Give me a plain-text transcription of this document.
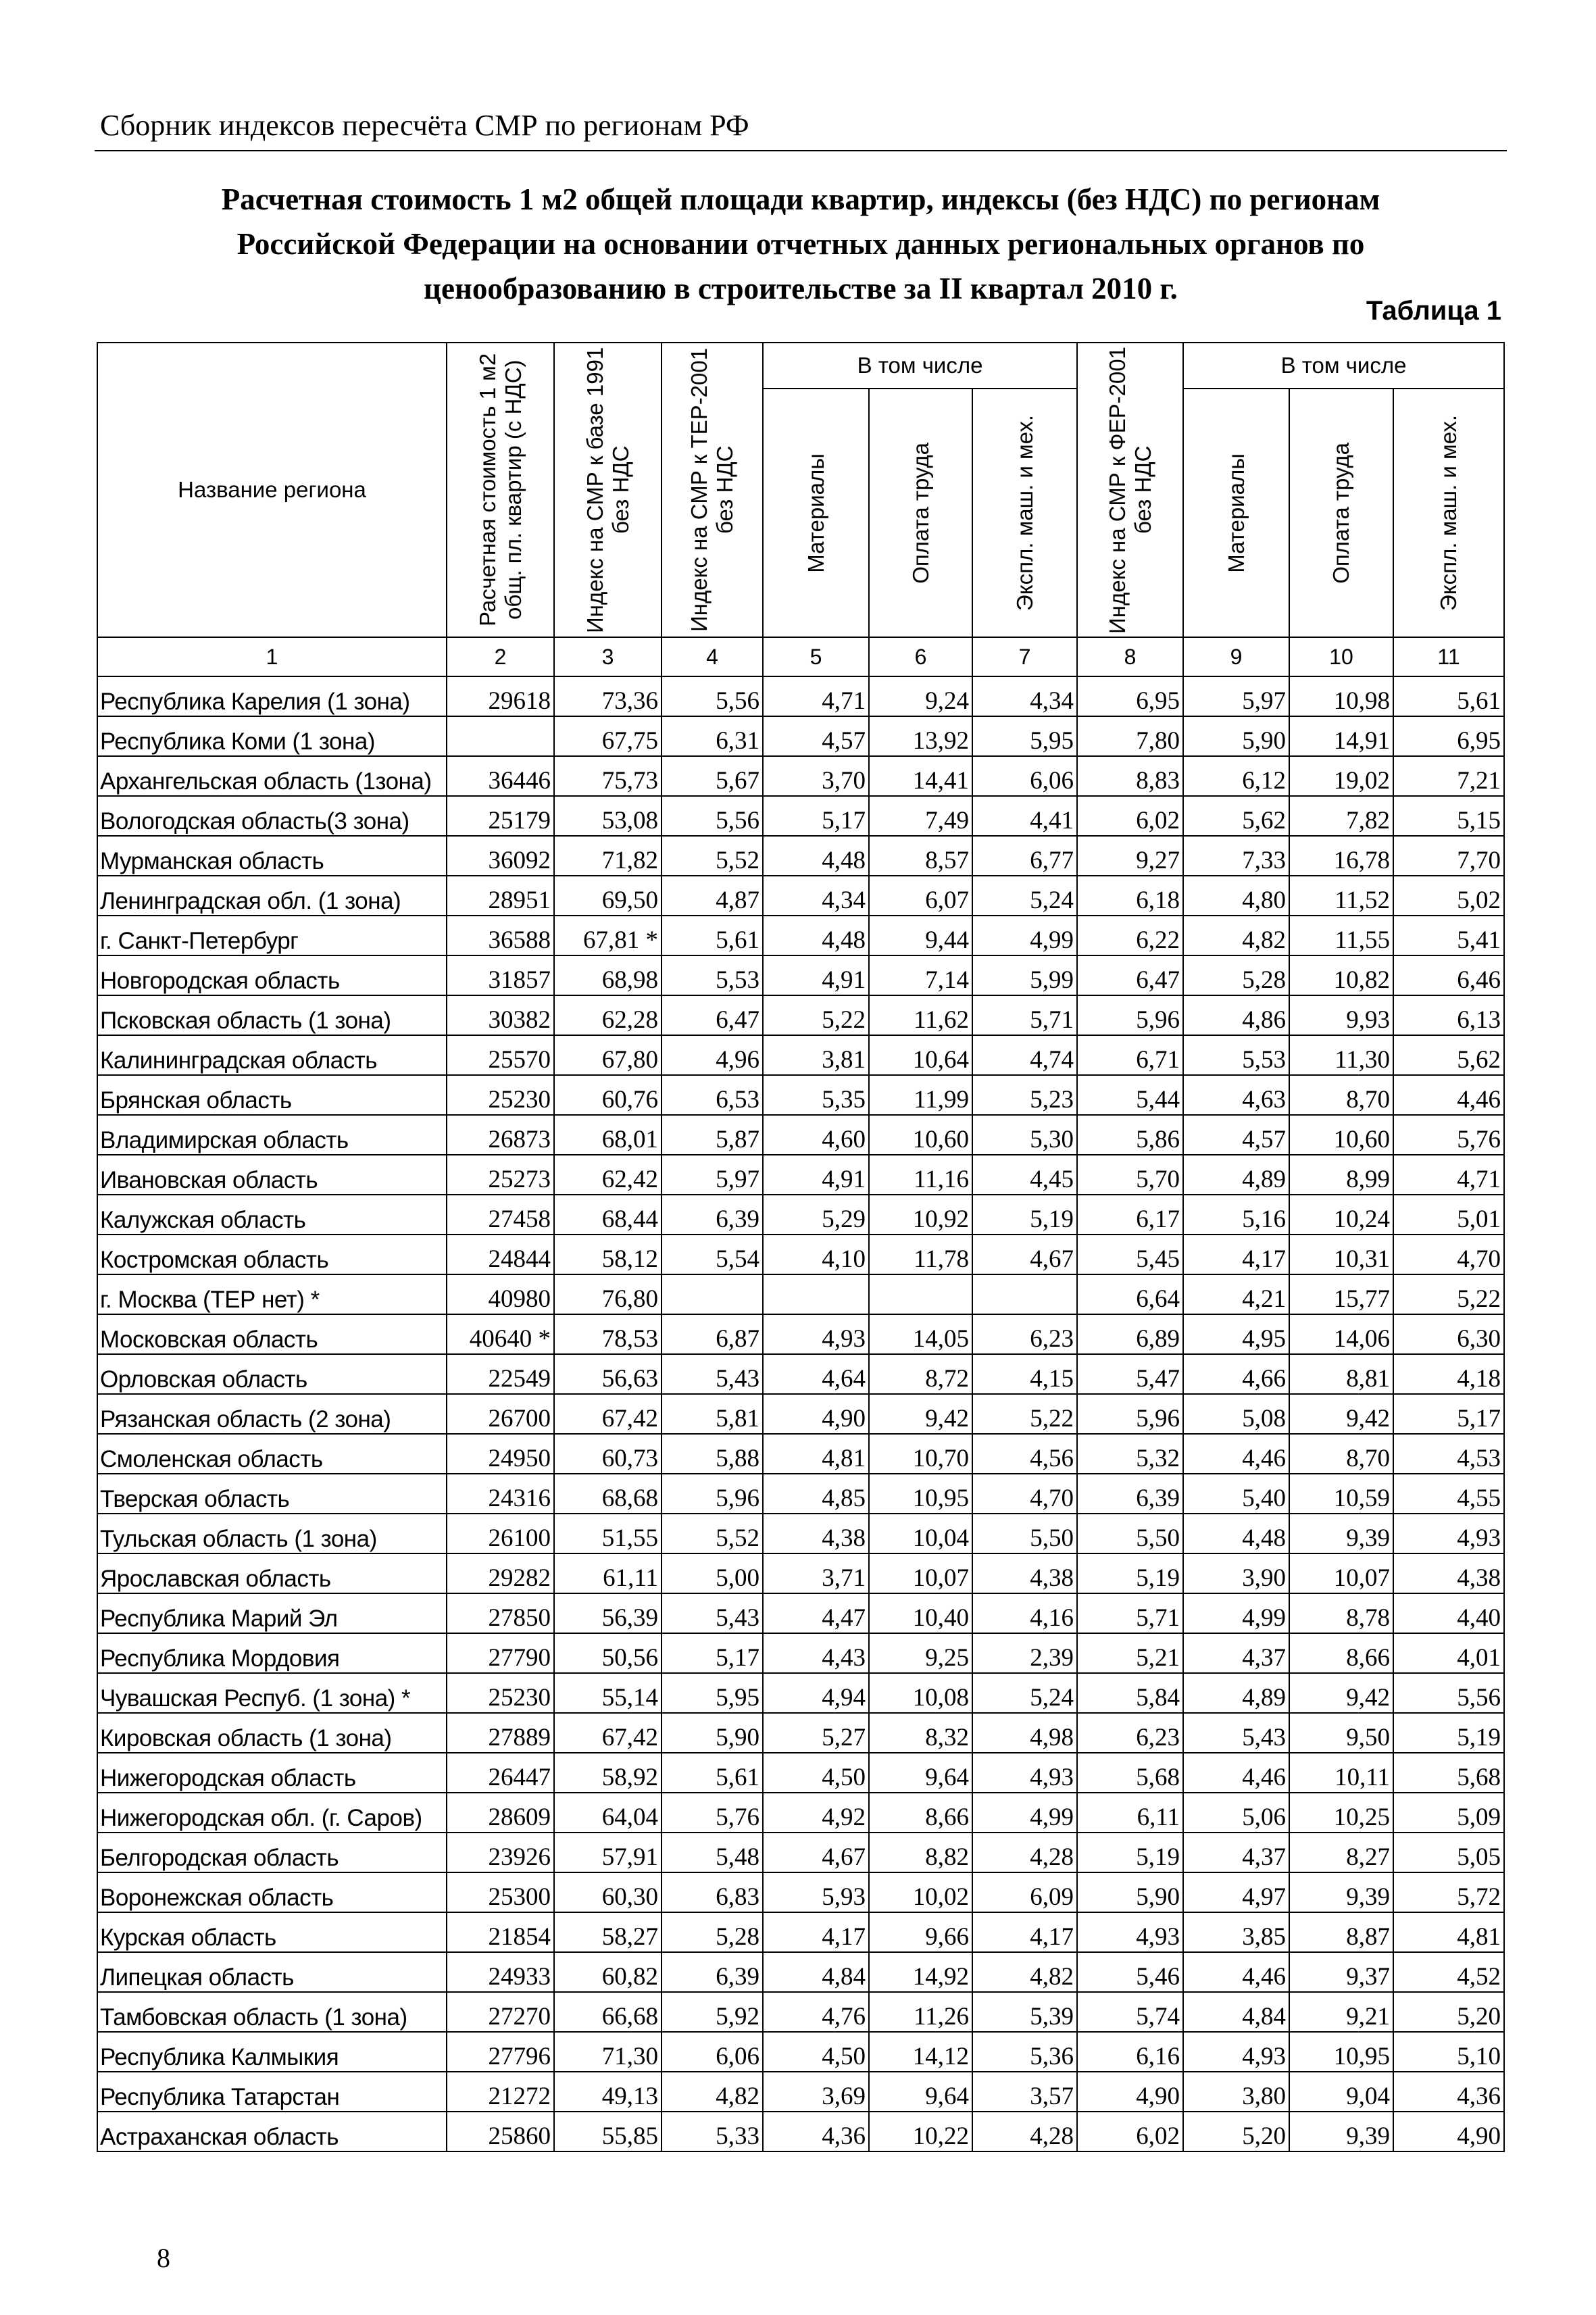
Сборник индексов пересчёта СМР по регионам РФ
Расчетная стоимость 1 м2 общей площади квартир, индексы (без НДС) по регионам
Российской Федерации на основании отчетных данных региональных органов по
ценообразованию в строительстве за II квартал 2010 г.
Таблица 1
Название региона	Расчетная стоимость 1 м2 общ. пл. квартир (с НДС)	Индекс на СМР к базе 1991 без НДС	Индекс на СМР к ТЕР-2001 без НДС	В том числе			Индекс на СМР к ФЕР-2001 без НДС	В том числе		

				Материалы	Оплата труда	Экспл. маш. и мех.		Материалы	Оплата труда	Экспл. маш. и мех.

1	2	3	4	5	6	7	8	9	10	11
Республика Карелия (1 зона)	29618	73,36	5,56	4,71	9,24	4,34	6,95	5,97	10,98	5,61
Республика Коми (1 зона)		67,75	6,31	4,57	13,92	5,95	7,80	5,90	14,91	6,95
Архангельская область (1зона)	36446	75,73	5,67	3,70	14,41	6,06	8,83	6,12	19,02	7,21
Вологодская область(3 зона)	25179	53,08	5,56	5,17	7,49	4,41	6,02	5,62	7,82	5,15
Мурманская область	36092	71,82	5,52	4,48	8,57	6,77	9,27	7,33	16,78	7,70
Ленинградская обл. (1 зона)	28951	69,50	4,87	4,34	6,07	5,24	6,18	4,80	11,52	5,02
г. Санкт-Петербург	36588	67,81 *	5,61	4,48	9,44	4,99	6,22	4,82	11,55	5,41
Новгородская область	31857	68,98	5,53	4,91	7,14	5,99	6,47	5,28	10,82	6,46
Псковская область (1 зона)	30382	62,28	6,47	5,22	11,62	5,71	5,96	4,86	9,93	6,13
Калининградская область	25570	67,80	4,96	3,81	10,64	4,74	6,71	5,53	11,30	5,62
Брянская область	25230	60,76	6,53	5,35	11,99	5,23	5,44	4,63	8,70	4,46
Владимирская область	26873	68,01	5,87	4,60	10,60	5,30	5,86	4,57	10,60	5,76
Ивановская область	25273	62,42	5,97	4,91	11,16	4,45	5,70	4,89	8,99	4,71
Калужская область	27458	68,44	6,39	5,29	10,92	5,19	6,17	5,16	10,24	5,01
Костромская область	24844	58,12	5,54	4,10	11,78	4,67	5,45	4,17	10,31	4,70
г. Москва (ТЕР нет) *	40980	76,80					6,64	4,21	15,77	5,22
Московская область	40640 *	78,53	6,87	4,93	14,05	6,23	6,89	4,95	14,06	6,30
Орловская область	22549	56,63	5,43	4,64	8,72	4,15	5,47	4,66	8,81	4,18
Рязанская область (2 зона)	26700	67,42	5,81	4,90	9,42	5,22	5,96	5,08	9,42	5,17
Смоленская область	24950	60,73	5,88	4,81	10,70	4,56	5,32	4,46	8,70	4,53
Тверская область	24316	68,68	5,96	4,85	10,95	4,70	6,39	5,40	10,59	4,55
Тульская область (1 зона)	26100	51,55	5,52	4,38	10,04	5,50	5,50	4,48	9,39	4,93
Ярославская область	29282	61,11	5,00	3,71	10,07	4,38	5,19	3,90	10,07	4,38
Республика Марий Эл	27850	56,39	5,43	4,47	10,40	4,16	5,71	4,99	8,78	4,40
Республика Мордовия	27790	50,56	5,17	4,43	9,25	2,39	5,21	4,37	8,66	4,01
Чувашская Респуб. (1 зона) *	25230	55,14	5,95	4,94	10,08	5,24	5,84	4,89	9,42	5,56
Кировская область (1 зона)	27889	67,42	5,90	5,27	8,32	4,98	6,23	5,43	9,50	5,19
Нижегородская область	26447	58,92	5,61	4,50	9,64	4,93	5,68	4,46	10,11	5,68
Нижегородская обл. (г. Саров)	28609	64,04	5,76	4,92	8,66	4,99	6,11	5,06	10,25	5,09
Белгородская область	23926	57,91	5,48	4,67	8,82	4,28	5,19	4,37	8,27	5,05
Воронежская область	25300	60,30	6,83	5,93	10,02	6,09	5,90	4,97	9,39	5,72
Курская область	21854	58,27	5,28	4,17	9,66	4,17	4,93	3,85	8,87	4,81
Липецкая область	24933	60,82	6,39	4,84	14,92	4,82	5,46	4,46	9,37	4,52
Тамбовская область (1 зона)	27270	66,68	5,92	4,76	11,26	5,39	5,74	4,84	9,21	5,20
Республика Калмыкия	27796	71,30	6,06	4,50	14,12	5,36	6,16	4,93	10,95	5,10
Республика Татарстан	21272	49,13	4,82	3,69	9,64	3,57	4,90	3,80	9,04	4,36
Астраханская область	25860	55,85	5,33	4,36	10,22	4,28	6,02	5,20	9,39	4,90
8
